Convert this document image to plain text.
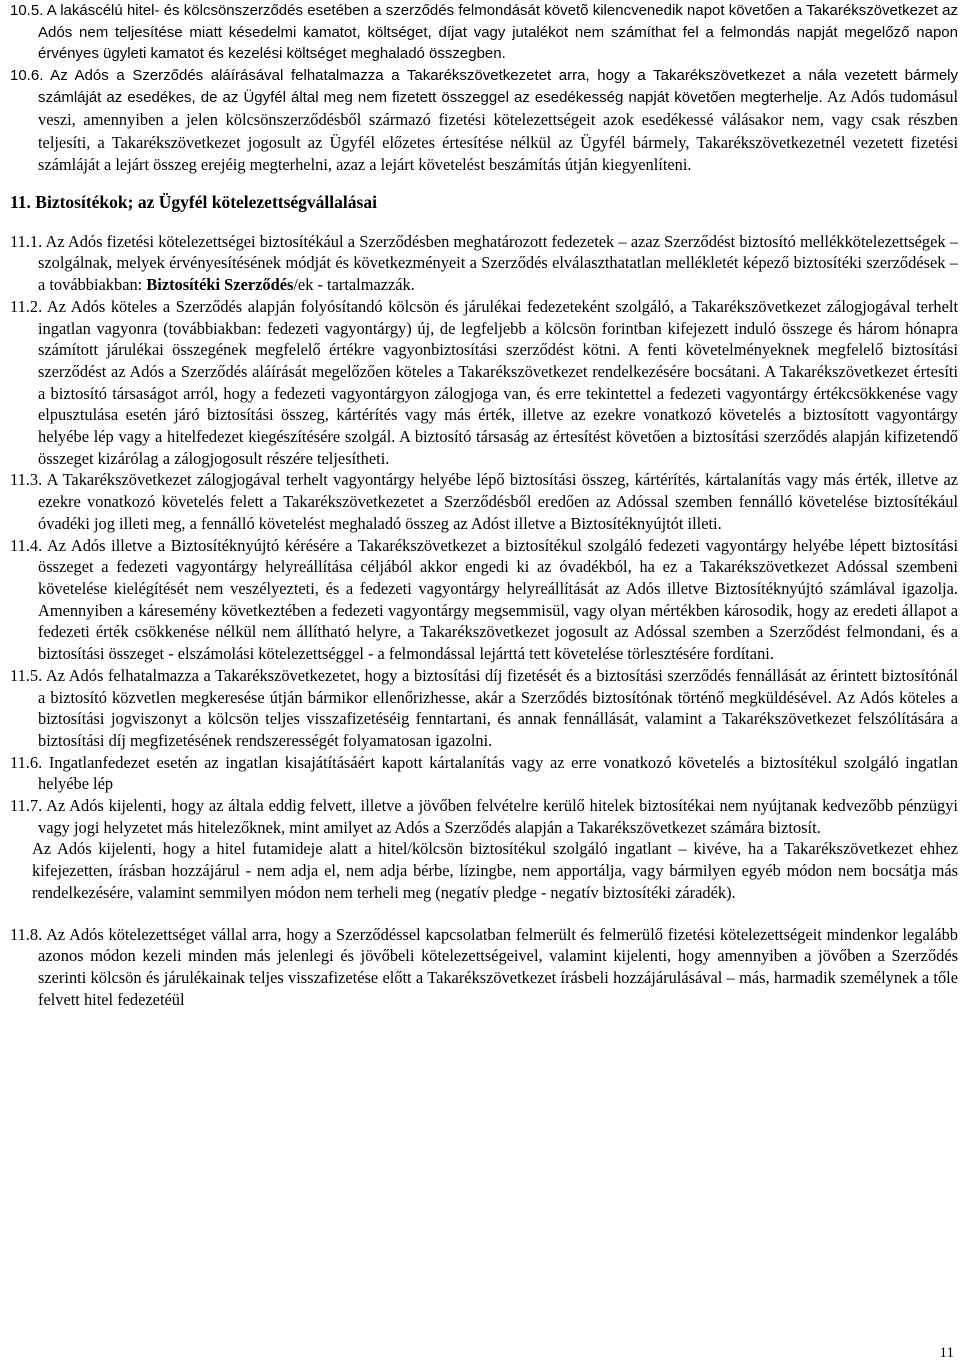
10.5. A lakáscélú hitel- és kölcsönszerződés esetében a szerződés felmondását követõ kilencvenedik napot követően a Takarékszövetkezet az Adós nem teljesítése miatt késedelmi kamatot, költséget, díjat vagy jutalékot nem számíthat fel a felmondás napját megelőző napon érvényes ügyleti kamatot és kezelési költséget meghaladó összegben.

10.6. Az Adós a Szerződés aláírásával felhatalmazza a Takarékszövetkezetet arra, hogy a Takarékszövetkezet a nála vezetett bármely számláját az esedékes, de az Ügyfél által meg nem fizetett összeggel az esedékesség napját követően megterhelje. Az Adós tudomásul veszi, amennyiben a jelen kölcsönszerződésből származó fizetési kötelezettségeit azok esedékessé válásakor nem, vagy csak részben teljesíti, a Takarékszövetkezet jogosult az Ügyfél előzetes értesítése nélkül az Ügyfél bármely, Takarékszövetkezetnél vezetett fizetési számláját a lejárt összeg erejéig megterhelni, azaz a lejárt követelést beszámítás útján kiegyenlíteni.

11. Biztosítékok; az Ügyfél kötelezettségvállalásai

11.1. Az Adós fizetési kötelezettségei biztosítékául a Szerződésben meghatározott fedezetek – azaz Szerződést biztosító mellékkötelezettségek – szolgálnak, melyek érvényesítésének módját és következményeit a Szerződés elválaszthatatlan mellékletét képező biztosítéki szerződések – a továbbiakban: Biztosítéki Szerződés/ek - tartalmazzák.

11.2. Az Adós köteles a Szerződés alapján folyósítandó kölcsön és járulékai fedezeteként szolgáló, a Takarékszövetkezet zálogjogával terhelt ingatlan vagyonra (továbbiakban: fedezeti vagyontárgy) új, de legfeljebb a kölcsön forintban kifejezett induló összege és három hónapra számított járulékai összegének megfelelő értékre vagyonbiztosítási szerződést kötni. A fenti követelményeknek megfelelő biztosítási szerződést az Adós a Szerződés aláírását megelőzően köteles a Takarékszövetkezet rendelkezésére bocsátani. A Takarékszövetkezet értesíti a biztosító társaságot arról, hogy a fedezeti vagyontárgyon zálogjoga van, és erre tekintettel a fedezeti vagyontárgy értékcsökkenése vagy elpusztulása esetén járó biztosítási összeg, kártérítés vagy más érték, illetve az ezekre vonatkozó követelés a biztosított vagyontárgy helyébe lép vagy a hitelfedezet kiegészítésére szolgál. A biztosító társaság az értesítést követően a biztosítási szerződés alapján kifizetendő összeget kizárólag a zálogjogosult részére teljesítheti.

11.3. A Takarékszövetkezet zálogjogával terhelt vagyontárgy helyébe lépő biztosítási összeg, kártérítés, kártalanítás vagy más érték, illetve az ezekre vonatkozó követelés felett a Takarékszövetkezetet a Szerződésből eredően az Adóssal szemben fennálló követelése biztosítékául óvadéki jog illeti meg, a fennálló követelést meghaladó összeg az Adóst illetve a Biztosítéknyújtót illeti.

11.4. Az Adós illetve a Biztosítéknyújtó kérésére a Takarékszövetkezet a biztosítékul szolgáló fedezeti vagyontárgy helyébe lépett biztosítási összeget a fedezeti vagyontárgy helyreállítása céljából akkor engedi ki az óvadékból, ha ez a Takarékszövetkezet Adóssal szembeni követelése kielégítését nem veszélyezteti, és a fedezeti vagyontárgy helyreállítását az Adós illetve Biztosítéknyújtó számlával igazolja. Amennyiben a káresemény következtében a fedezeti vagyontárgy megsemmisül, vagy olyan mértékben károsodik, hogy az eredeti állapot a fedezeti érték csökkenése nélkül nem állítható helyre, a Takarékszövetkezet jogosult az Adóssal szemben a Szerződést felmondani, és a biztosítási összeget - elszámolási kötelezettséggel - a felmondással lejárttá tett követelése törlesztésére fordítani.

11.5. Az Adós felhatalmazza a Takarékszövetkezetet, hogy a biztosítási díj fizetését és a biztosítási szerződés fennállását az érintett biztosítónál a biztosító közvetlen megkeresése útján bármikor ellenőrizhesse, akár a Szerződés biztosítónak történő megküldésével. Az Adós köteles a biztosítási jogviszonyt a kölcsön teljes visszafizetéséig fenntartani, és annak fennállását, valamint a Takarékszövetkezet felszólítására a biztosítási díj megfizetésének rendszerességét folyamatosan igazolni.

11.6. Ingatlanfedezet esetén az ingatlan kisajátításáért kapott kártalanítás vagy az erre vonatkozó követelés a biztosítékul szolgáló ingatlan helyébe lép

11.7. Az Adós kijelenti, hogy az általa eddig felvett, illetve a jövőben felvételre kerülő hitelek biztosítékai nem nyújtanak kedvezőbb pénzügyi vagy jogi helyzetet más hitelezőknek, mint amilyet az Adós a Szerződés alapján a Takarékszövetkezet számára biztosít.

Az Adós kijelenti, hogy a hitel futamideje alatt a hitel/kölcsön biztosítékul szolgáló ingatlant – kivéve, ha a Takarékszövetkezet ehhez kifejezetten, írásban hozzájárul - nem adja el, nem adja bérbe, lízingbe, nem apportálja, vagy bármilyen egyéb módon nem bocsátja más rendelkezésére, valamint semmilyen módon nem terheli meg (negatív pledge - negatív biztosítéki záradék).

11.8. Az Adós kötelezettséget vállal arra, hogy a Szerződéssel kapcsolatban felmerült és felmerülő fizetési kötelezettségeit mindenkor legalább azonos módon kezeli minden más jelenlegi és jövőbeli kötelezettségeivel, valamint kijelenti, hogy amennyiben a jövőben a Szerződés szerinti kölcsön és járulékainak teljes visszafizetése előtt a Takarékszövetkezet írásbeli hozzájárulásával – más, harmadik személynek a tőle felvett hitel fedezetéül

11
